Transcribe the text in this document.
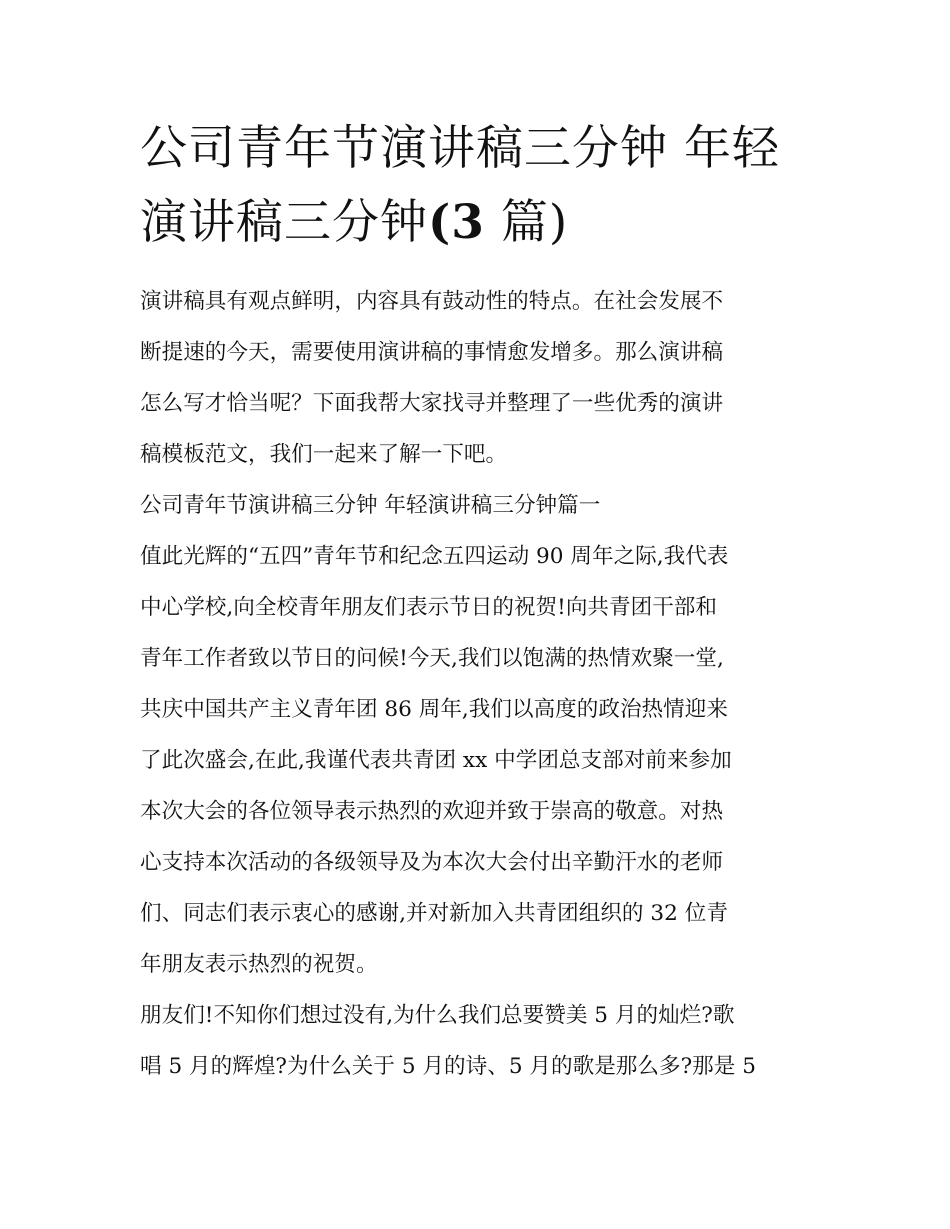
公司青年节演讲稿三分钟 年轻
演讲稿三分钟(3 篇)

演讲稿具有观点鲜明，内容具有鼓动性的特点。在社会发展不
断提速的今天，需要使用演讲稿的事情愈发增多。那么演讲稿
怎么写才恰当呢？下面我帮大家找寻并整理了一些优秀的演讲
稿模板范文，我们一起来了解一下吧。

公司青年节演讲稿三分钟 年轻演讲稿三分钟篇一

值此光辉的“五四”青年节和纪念五四运动 90 周年之际,我代表
中心学校,向全校青年朋友们表示节日的祝贺!向共青团干部和
青年工作者致以节日的问候!今天,我们以饱满的热情欢聚一堂,
共庆中国共产主义青年团 86 周年,我们以高度的政治热情迎来
了此次盛会,在此,我谨代表共青团 xx 中学团总支部对前来参加
本次大会的各位领导表示热烈的欢迎并致于崇高的敬意。对热
心支持本次活动的各级领导及为本次大会付出辛勤汗水的老师
们、同志们表示衷心的感谢,并对新加入共青团组织的 32 位青
年朋友表示热烈的祝贺。

朋友们!不知你们想过没有,为什么我们总要赞美 5 月的灿烂?歌
唱 5 月的辉煌?为什么关于 5 月的诗、5 月的歌是那么多?那是 5
